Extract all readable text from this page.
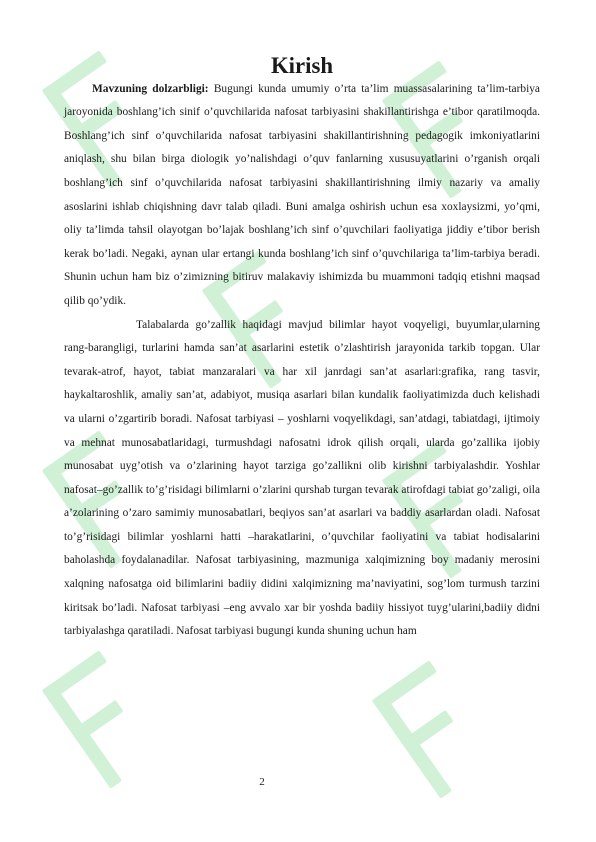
Kirish

Mavzuning dolzarbligi: Bugungi kunda umumiy o’rta ta’lim muassasalarining ta’lim-tarbiya jaroyonida boshlang’ich sinif o’quvchilarida nafosat tarbiyasini shakillantirishga e’tibor qaratilmoqda. Boshlang’ich sinf o’quvchilarida nafosat tarbiyasini shakillantirishning pedagogik imkoniyatlarini aniqlash, shu bilan birga diologik yo’nalishdagi o’quv fanlarning xususuyatlarini o’rganish orqali boshlang’ich sinf o’quvchilarida nafosat tarbiyasini shakillantirishning ilmiy nazariy va amaliy asoslarini ishlab chiqishning davr talab qiladi. Buni amalga oshirish uchun esa xoxlaysizmi, yo’qmi, oliy ta’limda tahsil olayotgan bo’lajak boshlang’ich sinf o’quvchilari faoliyatiga jiddiy e’tibor berish kerak bo’ladi. Negaki, aynan ular ertangi kunda boshlang’ich sinf o’quvchilariga ta’lim-tarbiya beradi. Shunin uchun ham biz o’zimizning bitiruv malakaviy ishimizda bu muammoni tadqiq etishni maqsad qilib qo’ydik.

Talabalarda go’zallik haqidagi mavjud bilimlar hayot voqyeligi, buyumlar,ularning rang-barangligi, turlarini hamda san’at asarlarini estetik o’zlashtirish jarayonida tarkib topgan. Ular tevarak-atrof, hayot, tabiat manzaralari va har xil janrdagi san’at asarlari:grafika, rang tasvir, haykaltaroshlik, amaliy san’at, adabiyot, musiqa asarlari bilan kundalik faoliyatimizda duch kelishadi va ularni o’zgartirib boradi. Nafosat tarbiyasi – yoshlarni voqyelikdagi, san’atdagi, tabiatdagi, ijtimoiy va mehnat munosabatlaridagi, turmushdagi nafosatni idrok qilish orqali, ularda go’zallika ijobiy munosabat uyg’otish va o’zlarining hayot tarziga go’zallikni olib kirishni tarbiyalashdir. Yoshlar nafosat–go’zallik to’g’risidagi bilimlarni o’zlarini qurshab turgan tevarak atirofdagi tabiat go’zaligi, oila a’zolarining o’zaro samimiy munosabatlari, beqiyos san’at asarlari va baddiy asarlardan oladi. Nafosat to’g’risidagi bilimlar yoshlarni hatti –harakatlarini, o’quvchilar faoliyatini va tabiat hodisalarini baholashda foydalanadilar. Nafosat tarbiyasining, mazmuniga xalqimizning boy madaniy merosini xalqning nafosatga oid bilimlarini badiiy didini xalqimizning ma’naviyatini, sog’lom turmush tarzini kiritsak bo’ladi. Nafosat tarbiyasi –eng avvalo xar bir yoshda badiiy hissiyot tuyg’ularini,badiiy didni tarbiyalashga qaratiladi. Nafosat tarbiyasi bugungi kunda shuning uchun ham

2
